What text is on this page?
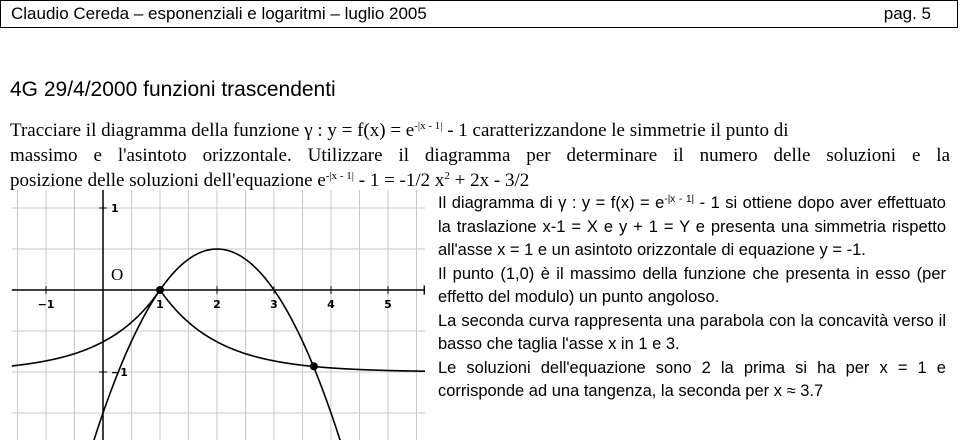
Claudio Cereda – esponenziali e logaritmi – luglio 2005	pag. 5
4G 29/4/2000 funzioni trascendenti
Tracciare il diagramma della funzione γ : $y = f(x) = e^{-|x - 1|} - 1$ caratterizzandone le simmetrie il punto di
massimo e l'asintoto orizzontale. Utilizzare il diagramma per determinare il numero delle soluzioni e la
posizione delle soluzioni dell'equazione $e^{-|x - 1|} - 1 = -1/2$ $x^2 + 2x - 3/2$
−1	1	2	3	4	5
1
−1
O
Il diagramma di γ : $y = f(x) = e^{-|x - 1|} - 1$ si ottiene dopo aver effettuato
la traslazione x-1 = X e y + 1 = Y e presenta una simmetria rispetto
all'asse x = 1 e un asintoto orizzontale di equazione y = -1.
Il punto (1,0) è il massimo della funzione che presenta in esso (per
effetto del modulo) un punto angoloso.
La seconda curva rappresenta una parabola con la concavità verso il
basso che taglia l'asse x in 1 e 3.
Le soluzioni dell'equazione sono 2 la prima si ha per x = 1 e
corrisponde ad una tangenza, la seconda per x ≈ 3.7
